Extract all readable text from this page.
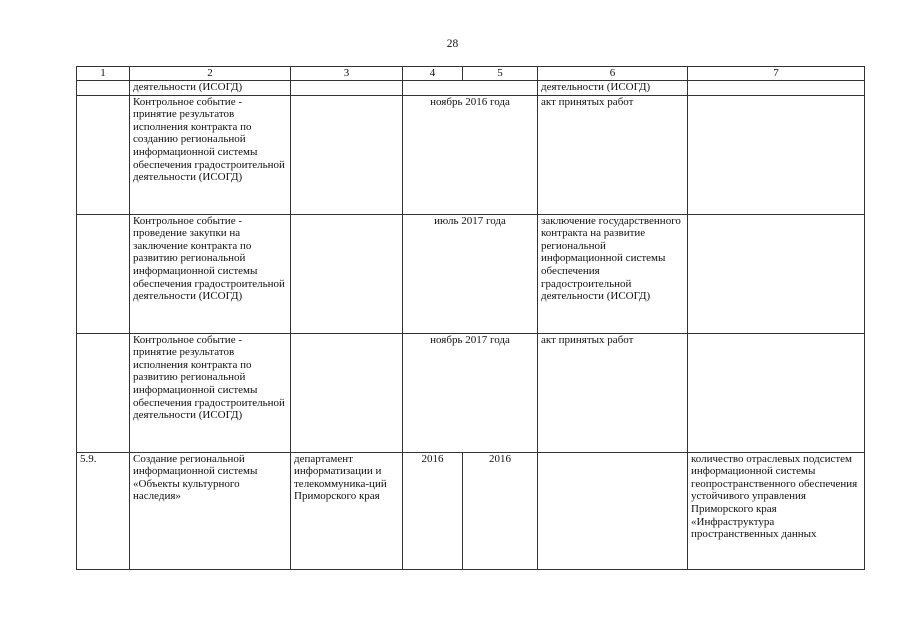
28
1	2	3	4	5	6	7
	деятельности (ИСОГД)				деятельности (ИСОГД)	
	Контрольное событие - принятие результатов исполнения контракта по созданию региональной информационной системы обеспечения градостроительной деятельности (ИСОГД)		ноябрь 2016 года		акт принятых работ	
	Контрольное событие - проведение закупки на заключение контракта по развитию региональной информационной системы обеспечения градостроительной деятельности (ИСОГД)		июль 2017 года		заключение государственного контракта на развитие региональной информационной системы обеспечения градостроительной деятельности (ИСОГД)	
	Контрольное событие - принятие результатов исполнения контракта по развитию региональной информационной системы обеспечения градостроительной деятельности (ИСОГД)		ноябрь 2017 года		акт принятых работ	
5.9.	Создание региональной информационной системы «Объекты культурного наследия»	департамент информатизации и телекоммуника-ций Приморского края	2016	2016		количество отраслевых подсистем информационной системы геопространственного обеспечения устойчивого управления Приморского края «Инфраструктура пространственных данных
